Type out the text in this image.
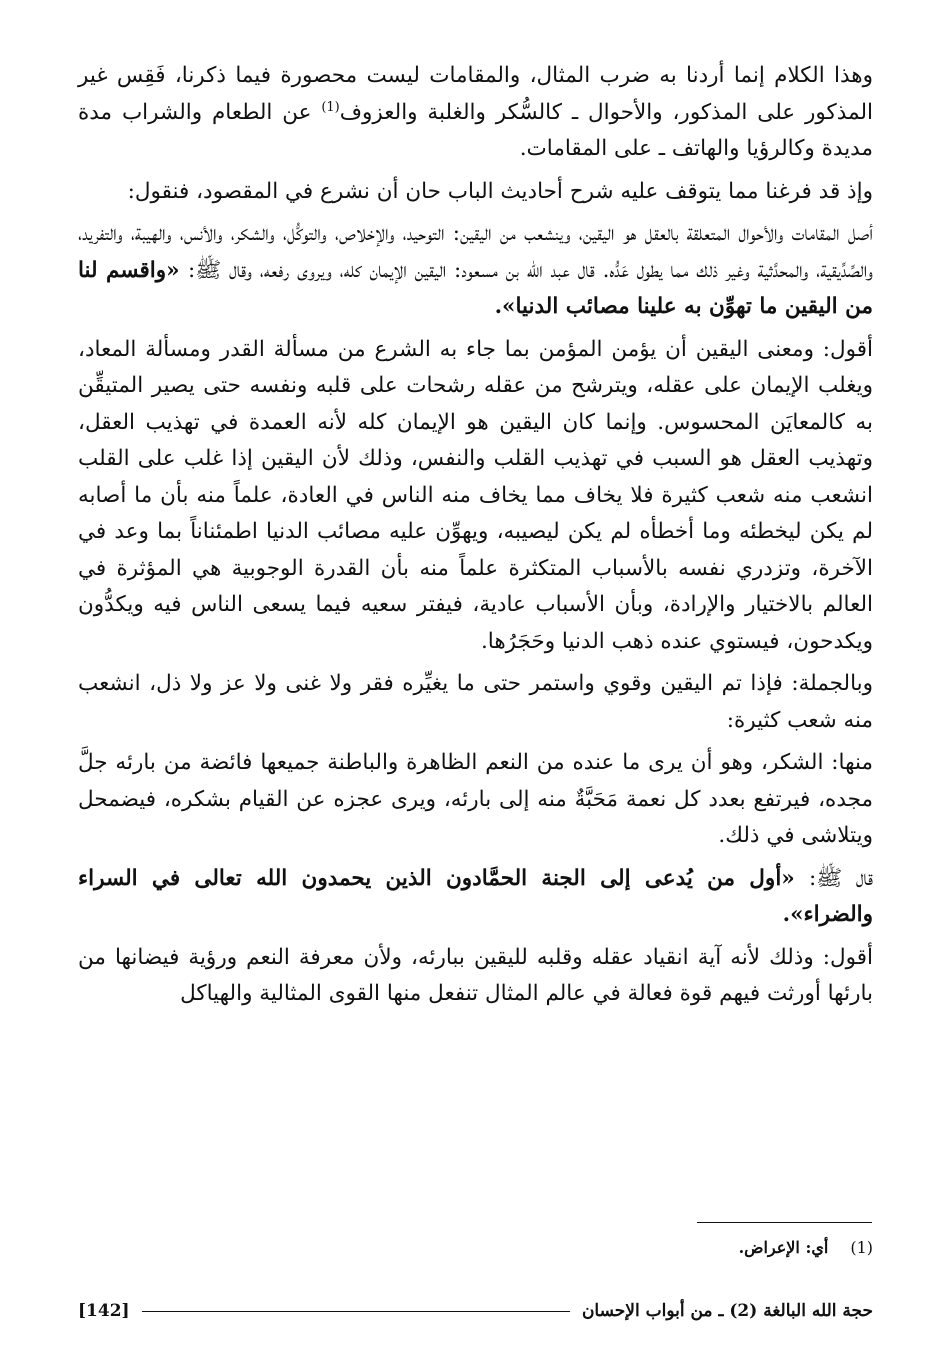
وهذا الكلام إنما أردنا به ضرب المثال، والمقامات ليست محصورة فيما ذكرنا، فَقِس غير المذكور على المذكور، والأحوال ـ كالسُّكر والغلبة والعزوف$^{(1)}$ عن الطعام والشراب مدة مديدة وكالرؤيا والهاتف ـ على المقامات.

وإذ قد فرغنا مما يتوقف عليه شرح أحاديث الباب حان أن نشرع في المقصود، فنقول:

أصل المقامات والأحوال المتعلقة بالعقل هو اليقين، وينشعب من اليقين: التوحيد، والإخلاص، والتوكُّل، والشكر، والأنس، والهيبة، والتفريد، والصِّدِّيقية، والمحدَّثية وغير ذلك مما يطول عَدُّه. قال عبد اللّه بن مسعود: اليقين الإيمان كله، ويروى رفعه، وقال ﷺ: «واقسم لنا من اليقين ما تهوِّن به علينا مصائب الدنيا».

أقول: ومعنى اليقين أن يؤمن المؤمن بما جاء به الشرع من مسألة القدر ومسألة المعاد، ويغلب الإيمان على عقله، ويترشح من عقله رشحات على قلبه ونفسه حتى يصير المتيقِّن به كالمعايَن المحسوس. وإنما كان اليقين هو الإيمان كله لأنه العمدة في تهذيب العقل، وتهذيب العقل هو السبب في تهذيب القلب والنفس، وذلك لأن اليقين إذا غلب على القلب انشعب منه شعب كثيرة فلا يخاف مما يخاف منه الناس في العادة، علماً منه بأن ما أصابه لم يكن ليخطئه وما أخطأه لم يكن ليصيبه، ويهوِّن عليه مصائب الدنيا اطمئناناً بما وعد في الآخرة، وتزدري نفسه بالأسباب المتكثرة علماً منه بأن القدرة الوجوبية هي المؤثرة في العالم بالاختيار والإرادة، وبأن الأسباب عادية، فيفتر سعيه فيما يسعى الناس فيه ويكدُّون ويكدحون، فيستوي عنده ذهب الدنيا وحَجَرُها.

وبالجملة: فإذا تم اليقين وقوي واستمر حتى ما يغيِّره فقر ولا غنى ولا عز ولا ذل، انشعب منه شعب كثيرة:

منها: الشكر، وهو أن يرى ما عنده من النعم الظاهرة والباطنة جميعها فائضة من بارئه جلَّ مجده، فيرتفع بعدد كل نعمة مَحَبَّةٌ منه إلى بارئه، ويرى عجزه عن القيام بشكره، فيضمحل ويتلاشى في ذلك.

قال ﷺ: «أول من يُدعى إلى الجنة الحمَّادون الذين يحمدون الله تعالى في السراء والضراء».

أقول: وذلك لأنه آية انقياد عقله وقلبه لليقين ببارئه، ولأن معرفة النعم ورؤية فيضانها من بارئها أورثت فيهم قوة فعالة في عالم المثال تنفعل منها القوى المثالية والهياكل

(1)أي: الإعراض.
حجة الله البالغة (2) ـ من أبواب الإحسان
[142]
